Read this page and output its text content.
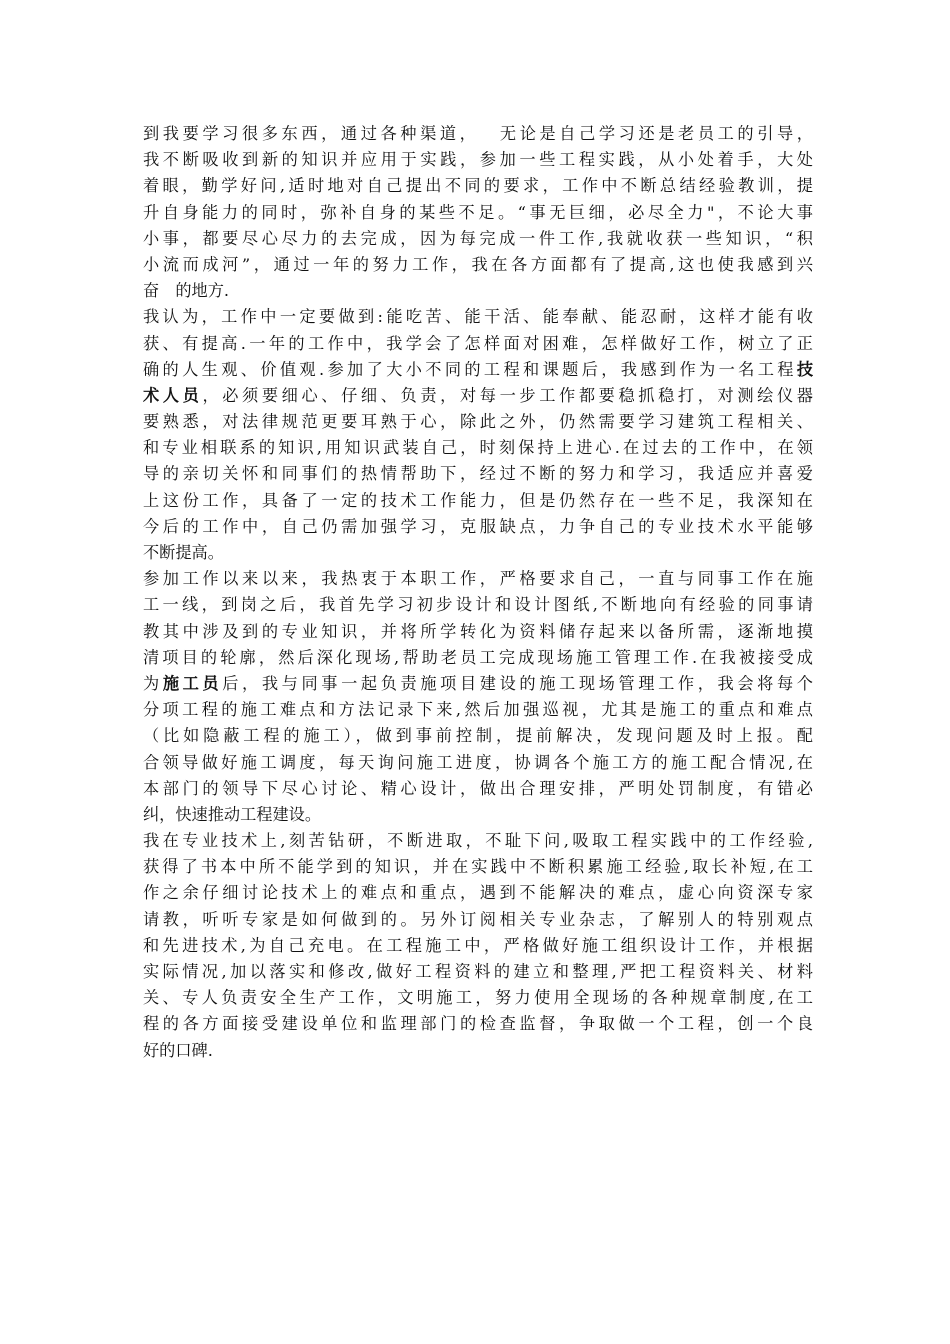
到我要学习很多东西，通过各种渠道，　 无论是自己学习还是老员工的引导，
我不断吸收到新的知识并应用于实践，参加一些工程实践，从小处着手，大处
着眼，勤学好问,适时地对自己提出不同的要求，工作中不断总结经验教训，提
升自身能力的同时，弥补自身的某些不足。“事无巨细，必尽全力"，不论大事
小事，都要尽心尽力的去完成，因为每完成一件工作,我就收获一些知识，“积
小流而成河”，通过一年的努力工作，我在各方面都有了提高,这也使我感到兴
奋　的地方.
我认为，工作中一定要做到:能吃苦、能干活、能奉献、能忍耐，这样才能有收
获、有提高.一年的工作中，我学会了怎样面对困难，怎样做好工作，树立了正
确的人生观、价值观.参加了大小不同的工程和课题后，我感到作为一名工程技
术人员，必须要细心、仔细、负责，对每一步工作都要稳抓稳打，对测绘仪器
要熟悉，对法律规范更要耳熟于心，除此之外，仍然需要学习建筑工程相关、
和专业相联系的知识,用知识武装自己，时刻保持上进心.在过去的工作中，在领
导的亲切关怀和同事们的热情帮助下，经过不断的努力和学习，我适应并喜爱
上这份工作，具备了一定的技术工作能力，但是仍然存在一些不足，我深知在
今后的工作中，自己仍需加强学习，克服缺点，力争自己的专业技术水平能够
不断提高。
参加工作以来以来，我热衷于本职工作，严格要求自己，一直与同事工作在施
工一线，到岗之后，我首先学习初步设计和设计图纸,不断地向有经验的同事请
教其中涉及到的专业知识，并将所学转化为资料储存起来以备所需，逐渐地摸
清项目的轮廓，然后深化现场,帮助老员工完成现场施工管理工作.在我被接受成
为施工员后，我与同事一起负责施项目建设的施工现场管理工作，我会将每个
分项工程的施工难点和方法记录下来,然后加强巡视，尤其是施工的重点和难点
（比如隐蔽工程的施工），做到事前控制，提前解决，发现问题及时上报。配
合领导做好施工调度，每天询问施工进度，协调各个施工方的施工配合情况,在
本部门的领导下尽心讨论、精心设计，做出合理安排，严明处罚制度，有错必
纠，快速推动工程建设。
我在专业技术上,刻苦钻研，不断进取，不耻下问,吸取工程实践中的工作经验,
获得了书本中所不能学到的知识，并在实践中不断积累施工经验,取长补短,在工
作之余仔细讨论技术上的难点和重点，遇到不能解决的难点，虚心向资深专家
请教，听听专家是如何做到的。另外订阅相关专业杂志，了解别人的特别观点
和先进技术,为自己充电。在工程施工中，严格做好施工组织设计工作，并根据
实际情况,加以落实和修改,做好工程资料的建立和整理,严把工程资料关、材料
关、专人负责安全生产工作，文明施工，努力使用全现场的各种规章制度,在工
程的各方面接受建设单位和监理部门的检查监督，争取做一个工程，创一个良
好的口碑.
